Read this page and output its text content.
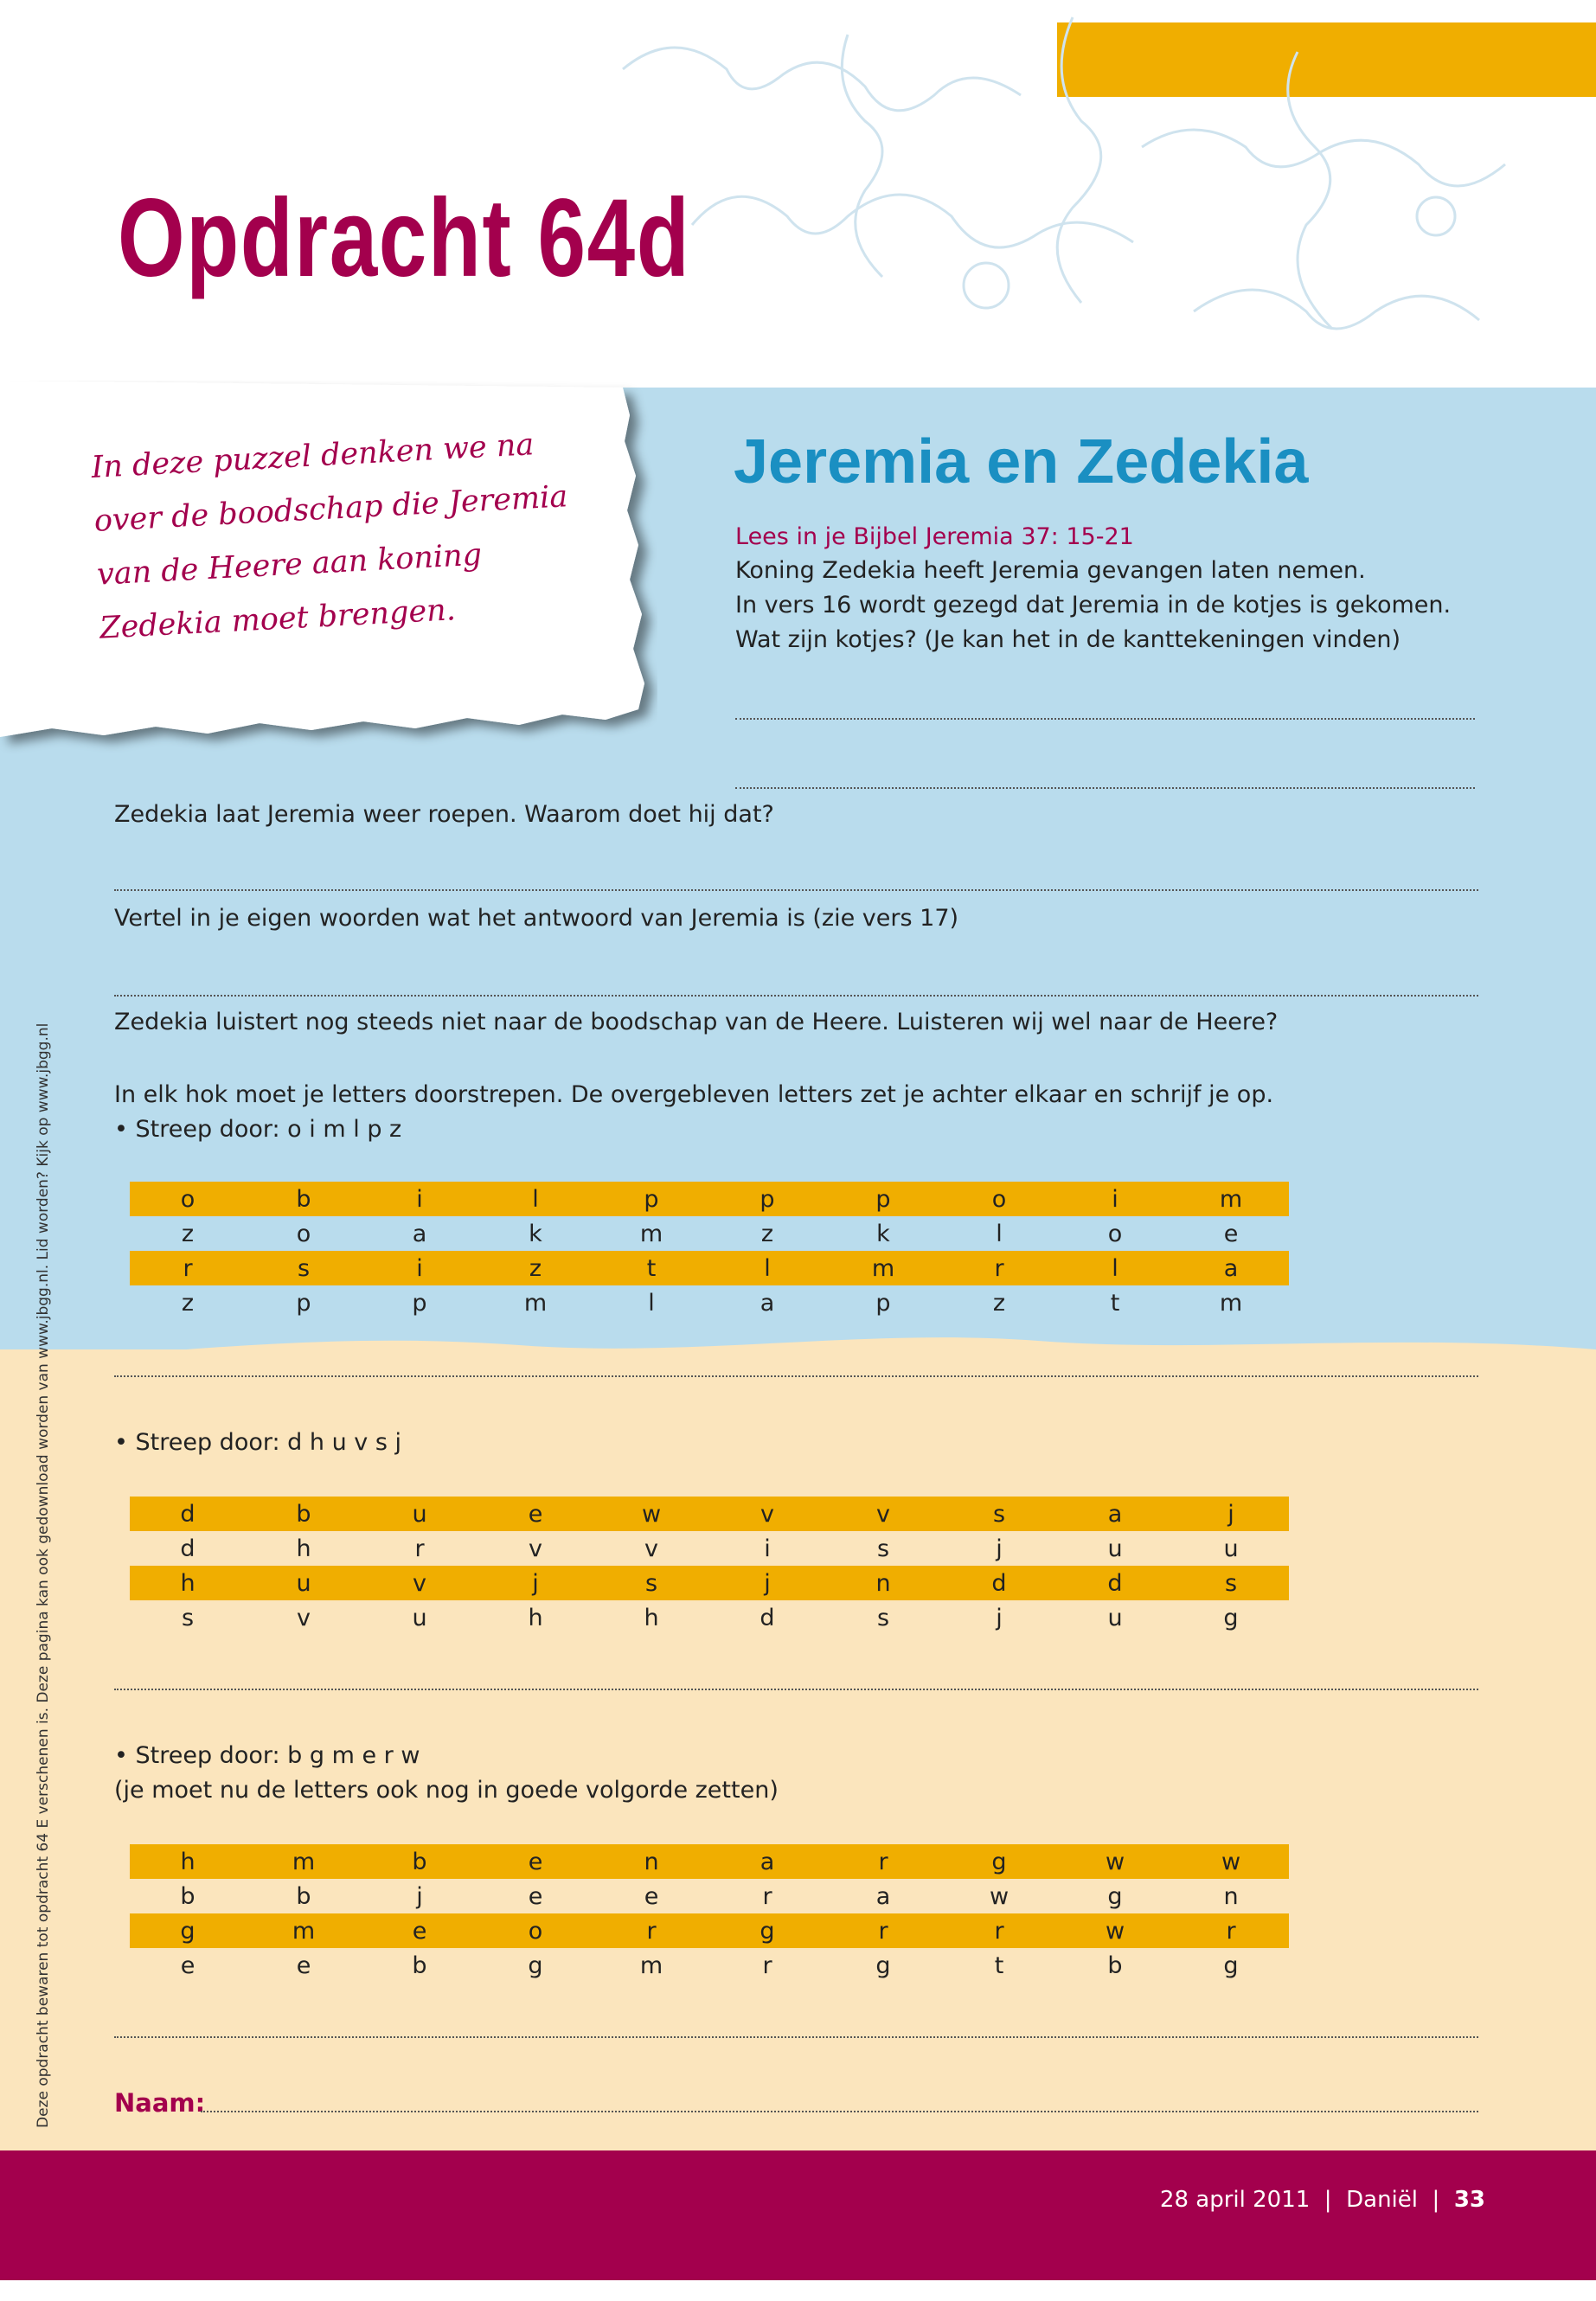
Opdracht 64d
In deze puzzel denken we na over de boodschap die Jeremia van de Heere aan koning Zedekia moet brengen.
Jeremia en Zedekia
Lees in je Bijbel Jeremia 37: 15-21
Koning Zedekia heeft Jeremia gevangen laten nemen.
In vers 16 wordt gezegd dat Jeremia in de kotjes is gekomen.
Wat zijn kotjes? (Je kan het in de kanttekeningen vinden)
Zedekia laat Jeremia weer roepen. Waarom doet hij dat?
Vertel in je eigen woorden wat het antwoord van Jeremia is (zie vers 17)
Zedekia luistert nog steeds niet naar de boodschap van de Heere. Luisteren wij wel naar de Heere?
In elk hok moet je letters doorstrepen. De overgebleven letters zet je achter elkaar en schrijf je op.
• Streep door: o i m l p z
o	b	i	l	p	p	p	o	i	m
z	o	a	k	m	z	k	l	o	e
r	s	i	z	t	l	m	r	l	a
z	p	p	m	l	a	p	z	t	m
• Streep door: d h u v s j
d	b	u	e	w	v	v	s	a	j
d	h	r	v	v	i	s	j	u	u
h	u	v	j	s	j	n	d	d	s
s	v	u	h	h	d	s	j	u	g
• Streep door: b g m e r w
(je moet nu de letters ook nog in goede volgorde zetten)
h	m	b	e	n	a	r	g	w	w
b	b	j	e	e	r	a	w	g	n
g	m	e	o	r	g	r	r	w	r
e	e	b	g	m	r	g	t	b	g
Naam:
Deze opdracht bewaren tot opdracht 64 E verschenen is. Deze pagina kan ook gedownload worden van www.jbgg.nl. Lid worden? Kijk op www.jbgg.nl
28 april 2011  |  Daniël  |  33
